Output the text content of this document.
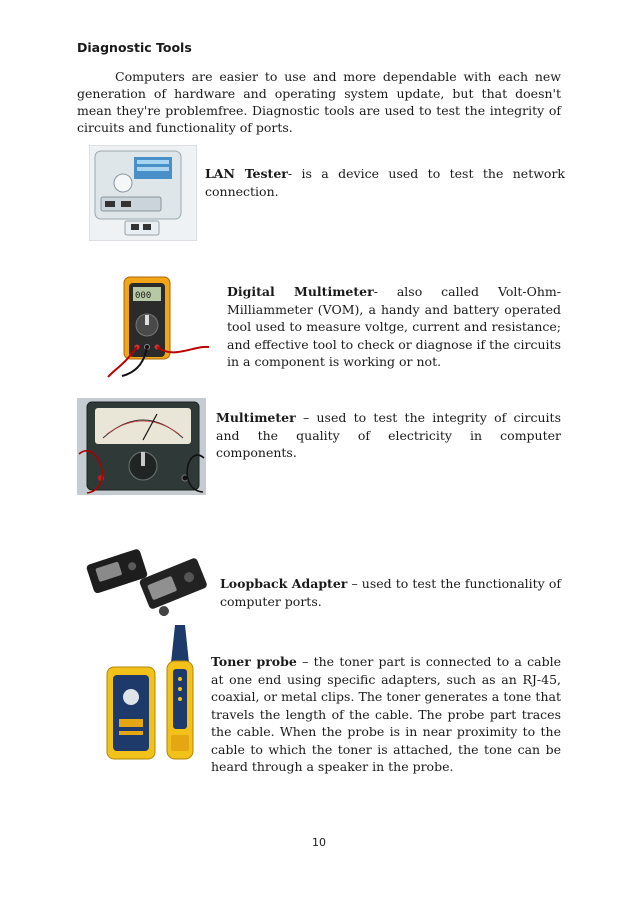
Diagnostic Tools
Computers are easier to use and more dependable with each new generation of hardware and operating system update, but that doesn't mean they're problemfree. Diagnostic tools are used to test the integrity of circuits and functionality of ports.
LAN Tester- is a device used to test the network connection.
000	Digital Multimeter- also called Volt-Ohm- Milliammeter (VOM), a handy and battery operated tool used to measure voltge, current and resistance; and effective tool to check or diagnose if the circuits in a component is working or not.
Multimeter – used to test the integrity of circuits and the quality of electricity in computer components.
Loopback Adapter – used to test the functionality of computer ports.
Toner probe – the toner part is connected to a cable at one end using specific adapters, such as an RJ-45, coaxial, or metal clips. The toner generates a tone that travels the length of the cable. The probe part traces the cable. When the probe is in near proximity to the cable to which the toner is attached, the tone can be heard through a speaker in the probe.
10
